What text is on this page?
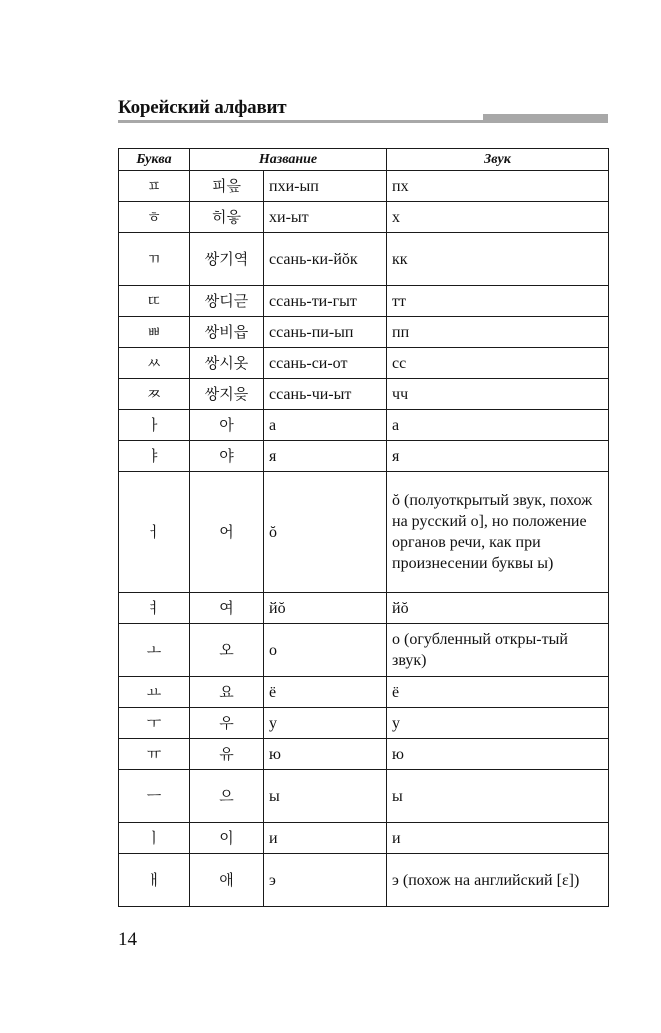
Корейский алфавит
Буква	Название		Звук
ㅍ	피읖	пхи-ып	пх
ㅎ	히읗	хи-ыт	х
ㄲ	쌍기역	ссань-ки-йŏк	кк
ㄸ	쌍디귿	ссань-ти-гыт	тт
ㅃ	쌍비읍	ссань-пи-ып	пп
ㅆ	쌍시옷	ссань-си-от	сс
ㅉ	쌍지읒	ссань-чи-ыт	чч
ㅏ	아	а	а
ㅑ	야	я	я
ㅓ	어	ŏ	ŏ (полуоткрытый звук, похож на русский о], но положение органов речи, как при произнесении буквы ы)
ㅕ	여	йŏ	йŏ
ㅗ	오	о	о (огубленный откры-тый звук)
ㅛ	요	ё	ё
ㅜ	우	у	у
ㅠ	유	ю	ю
ㅡ	으	ы	ы
ㅣ	이	и	и
ㅐ	애	э	э (похож на английский [ɛ])
14
